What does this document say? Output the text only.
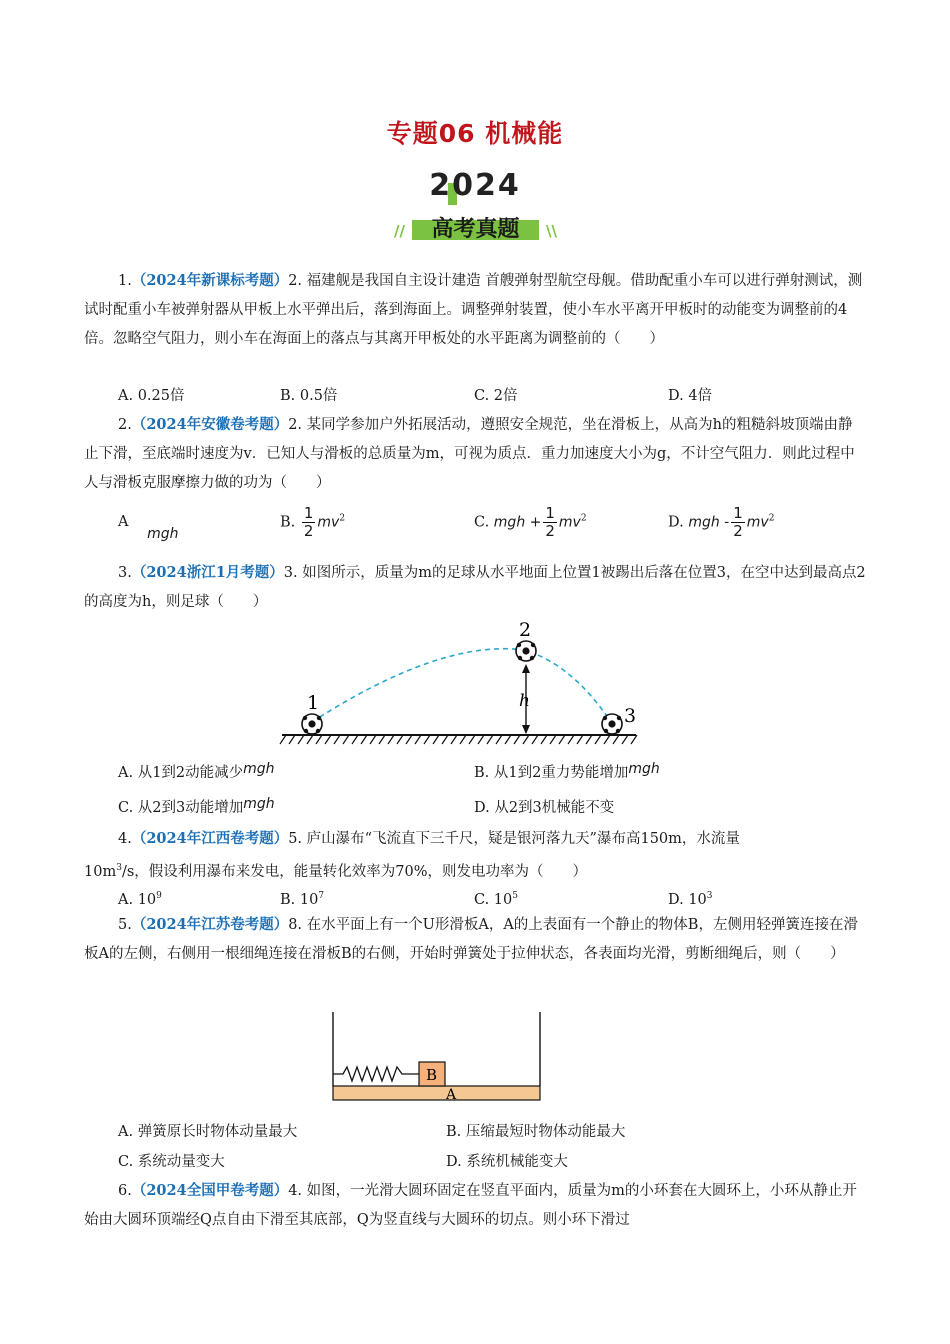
专题06 机械能
2024
//	\\
高考真题
1.（2024年新课标考题）2. 福建舰是我国自主设计建造 首艘弹射型航空母舰。借助配重小车可以进行弹射测试，测试时配重小车被弹射器从甲板上水平弹出后，落到海面上。调整弹射装置，使小车水平离开甲板时的动能变为调整前的4倍。忽略空气阻力，则小车在海面上的落点与其离开甲板处的水平距离为调整前的（　　）
A. 0.25倍	B. 0.5倍	C. 2倍	D. 4倍
2.（2024年安徽卷考题）2. 某同学参加户外拓展活动，遵照安全规范，坐在滑板上，从高为h的粗糙斜坡顶端由静止下滑，至底端时速度为v．已知人与滑板的总质量为m，可视为质点．重力加速度大小为g，不计空气阻力．则此过程中人与滑板克服摩擦力做的功为（　　）
A mgh
B. $\frac{1}{2} mv^2$	C. mgh + $\frac{1}{2} mv^2$	D. mgh - $\frac{1}{2} mv^2$
3.（2024浙江1月考题）3. 如图所示，质量为m的足球从水平地面上位置1被踢出后落在位置3，在空中达到最高点2的高度为h，则足球（　　）
h
1
2
3
A. 从1到2动能减少mgh	B. 从1到2重力势能增加mgh
C. 从2到3动能增加mgh	D. 从2到3机械能不变
4.（2024年江西卷考题）5. 庐山瀑布“飞流直下三千尺，疑是银河落九天”瀑布高150m，水流量
$10m^3/s$，假设利用瀑布来发电，能量转化效率为70%，则发电功率为（　　）
A. $10^9$	B. $10^7$	C. $10^5$	D. $10^3$
5.（2024年江苏卷考题）8. 在水平面上有一个U形滑板A，A的上表面有一个静止的物体B，左侧用轻弹簧连接在滑板A的左侧，右侧用一根细绳连接在滑板B的右侧，开始时弹簧处于拉伸状态，各表面均光滑，剪断细绳后，则（　　）
B
A
A. 弹簧原长时物体动量最大	B. 压缩最短时物体动能最大
C. 系统动量变大	D. 系统机械能变大
6.（2024全国甲卷考题）4. 如图，一光滑大圆环固定在竖直平面内，质量为m的小环套在大圆环上，小环从静止开始由大圆环顶端经Q点自由下滑至其底部，Q为竖直线与大圆环的切点。则小环下滑过
